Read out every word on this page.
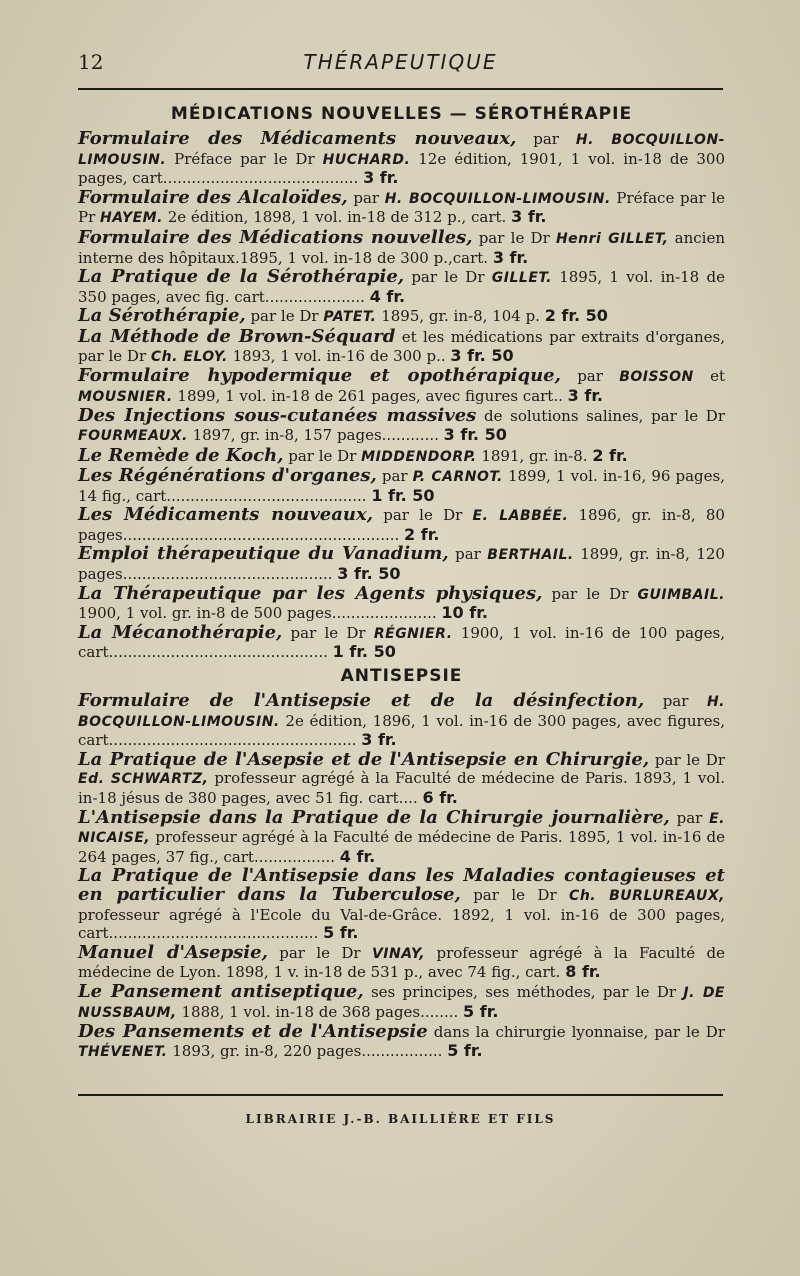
12	THÉRAPEUTIQUE
MÉDICATIONS NOUVELLES — SÉROTHÉRAPIE
Formulaire des Médicaments nouveaux, par H. BOCQUILLON-LIMOUSIN. Préface par le Dr HUCHARD. 12e édition, 1901, 1 vol. in-18 de 300 pages, cart......................................... 3 fr.
Formulaire des Alcaloïdes, par H. BOCQUILLON-LIMOUSIN. Préface par le Pr HAYEM. 2e édition, 1898, 1 vol. in-18 de 312 p., cart. 3 fr.
Formulaire des Médications nouvelles, par le Dr Henri GILLET, ancien interne des hôpitaux.1895, 1 vol. in-18 de 300 p.,cart. 3 fr.
La Pratique de la Sérothérapie, par le Dr GILLET. 1895, 1 vol. in-18 de 350 pages, avec fig. cart..................... 4 fr.
La Sérothérapie, par le Dr PATET. 1895, gr. in-8, 104 p. 2 fr. 50
La Méthode de Brown-Séquard et les médications par extraits d'organes, par le Dr Ch. ELOY. 1893, 1 vol. in-16 de 300 p.. 3 fr. 50
Formulaire hypodermique et opothérapique, par BOISSON et MOUSNIER. 1899, 1 vol. in-18 de 261 pages, avec figures cart.. 3 fr.
Des Injections sous-cutanées massives de solutions salines, par le Dr FOURMEAUX. 1897, gr. in-8, 157 pages............ 3 fr. 50
Le Remède de Koch, par le Dr MIDDENDORP. 1891, gr. in-8. 2 fr.
Les Régénérations d'organes, par P. CARNOT. 1899, 1 vol. in-16, 96 pages, 14 fig., cart.......................................... 1 fr. 50
Les Médicaments nouveaux, par le Dr E. LABBÉE. 1896, gr. in-8, 80 pages.......................................................... 2 fr.
Emploi thérapeutique du Vanadium, par BERTHAIL. 1899, gr. in-8, 120 pages............................................ 3 fr. 50
La Thérapeutique par les Agents physiques, par le Dr GUIMBAIL. 1900, 1 vol. gr. in-8 de 500 pages...................... 10 fr.
La Mécanothérapie, par le Dr RÉGNIER. 1900, 1 vol. in-16 de 100 pages, cart.............................................. 1 fr. 50
ANTISEPSIE
Formulaire de l'Antisepsie et de la désinfection, par H. BOCQUILLON-LIMOUSIN. 2e édition, 1896, 1 vol. in-16 de 300 pages, avec figures, cart.................................................... 3 fr.
La Pratique de l'Asepsie et de l'Antisepsie en Chirurgie, par le Dr Ed. SCHWARTZ, professeur agrégé à la Faculté de médecine de Paris. 1893, 1 vol. in-18 jésus de 380 pages, avec 51 fig. cart.... 6 fr.
L'Antisepsie dans la Pratique de la Chirurgie journalière, par E. NICAISE, professeur agrégé à la Faculté de médecine de Paris. 1895, 1 vol. in-16 de 264 pages, 37 fig., cart................. 4 fr.
La Pratique de l'Antisepsie dans les Maladies contagieuses et en particulier dans la Tuberculose, par le Dr Ch. BURLUREAUX, professeur agrégé à l'Ecole du Val-de-Grâce. 1892, 1 vol. in-16 de 300 pages, cart............................................ 5 fr.
Manuel d'Asepsie, par le Dr VINAY, professeur agrégé à la Faculté de médecine de Lyon. 1898, 1 v. in-18 de 531 p., avec 74 fig., cart. 8 fr.
Le Pansement antiseptique, ses principes, ses méthodes, par le Dr J. DE NUSSBAUM, 1888, 1 vol. in-18 de 368 pages........ 5 fr.
Des Pansements et de l'Antisepsie dans la chirurgie lyonnaise, par le Dr THÉVENET. 1893, gr. in-8, 220 pages................. 5 fr.
LIBRAIRIE J.-B. BAILLIÈRE ET FILS
